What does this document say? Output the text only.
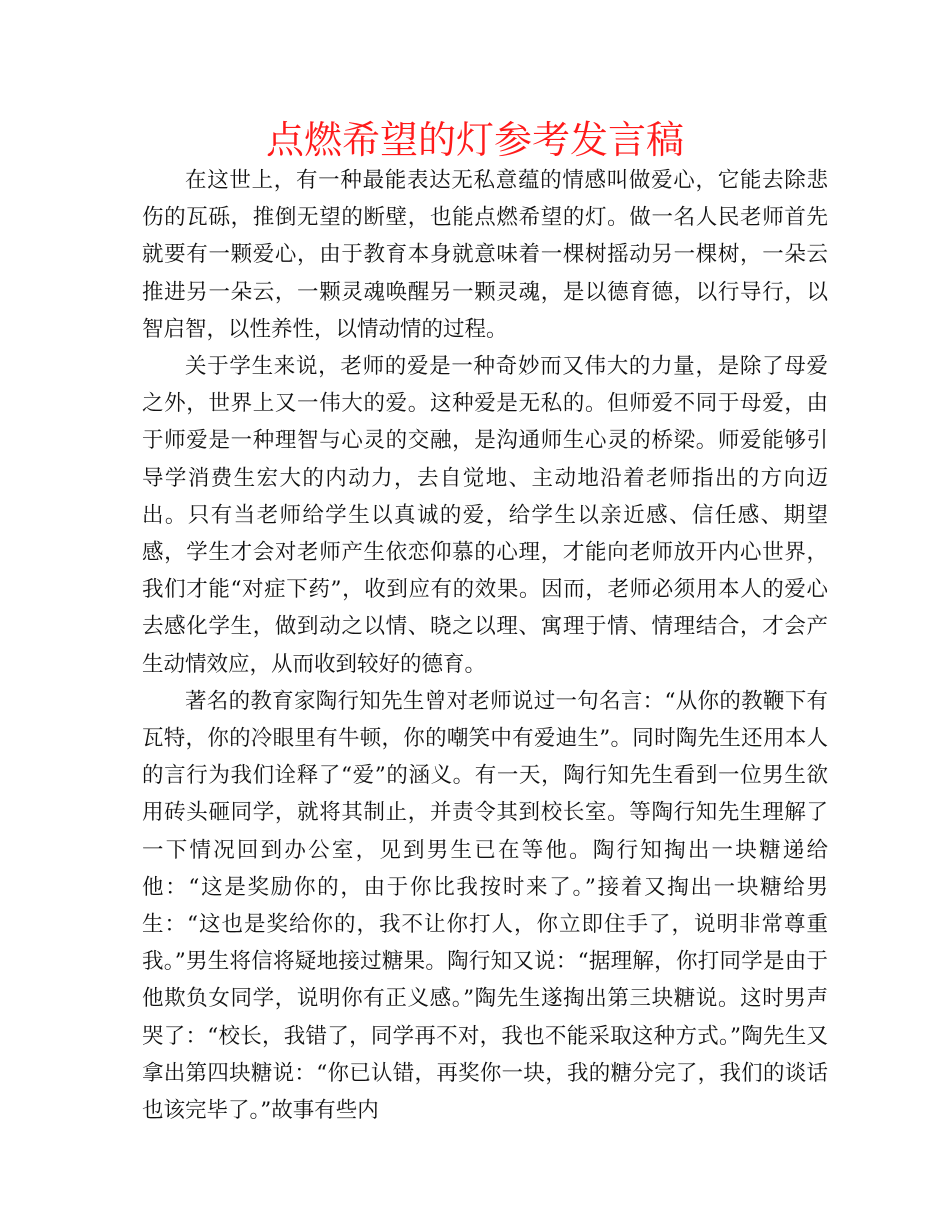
点燃希望的灯参考发言稿

在这世上，有一种最能表达无私意蕴的情感叫做爱心，它能去除悲伤的瓦砾，推倒无望的断壁，也能点燃希望的灯。做一名人民老师首先就要有一颗爱心，由于教育本身就意味着一棵树摇动另一棵树，一朵云推进另一朵云，一颗灵魂唤醒另一颗灵魂，是以德育德，以行导行，以智启智，以性养性，以情动情的过程。

关于学生来说，老师的爱是一种奇妙而又伟大的力量，是除了母爱之外，世界上又一伟大的爱。这种爱是无私的。但师爱不同于母爱，由于师爱是一种理智与心灵的交融，是沟通师生心灵的桥梁。师爱能够引导学消费生宏大的内动力，去自觉地、主动地沿着老师指出的方向迈出。只有当老师给学生以真诚的爱，给学生以亲近感、信任感、期望感，学生才会对老师产生依恋仰慕的心理，才能向老师放开内心世界，我们才能“对症下药”，收到应有的效果。因而，老师必须用本人的爱心去感化学生，做到动之以情、晓之以理、寓理于情、情理结合，才会产生动情效应，从而收到较好的德育。

著名的教育家陶行知先生曾对老师说过一句名言：“从你的教鞭下有瓦特，你的冷眼里有牛顿，你的嘲笑中有爱迪生”。同时陶先生还用本人的言行为我们诠释了“爱”的涵义。有一天，陶行知先生看到一位男生欲用砖头砸同学，就将其制止，并责令其到校长室。等陶行知先生理解了一下情况回到办公室，见到男生已在等他。陶行知掏出一块糖递给他：“这是奖励你的，由于你比我按时来了。”接着又掏出一块糖给男生：“这也是奖给你的，我不让你打人，你立即住手了，说明非常尊重我。”男生将信将疑地接过糖果。陶行知又说：“据理解，你打同学是由于他欺负女同学，说明你有正义感。”陶先生遂掏出第三块糖说。这时男声哭了：“校长，我错了，同学再不对，我也不能采取这种方式。”陶先生又拿出第四块糖说：“你已认错，再奖你一块，我的糖分完了，我们的谈话也该完毕了。”故事有些内
